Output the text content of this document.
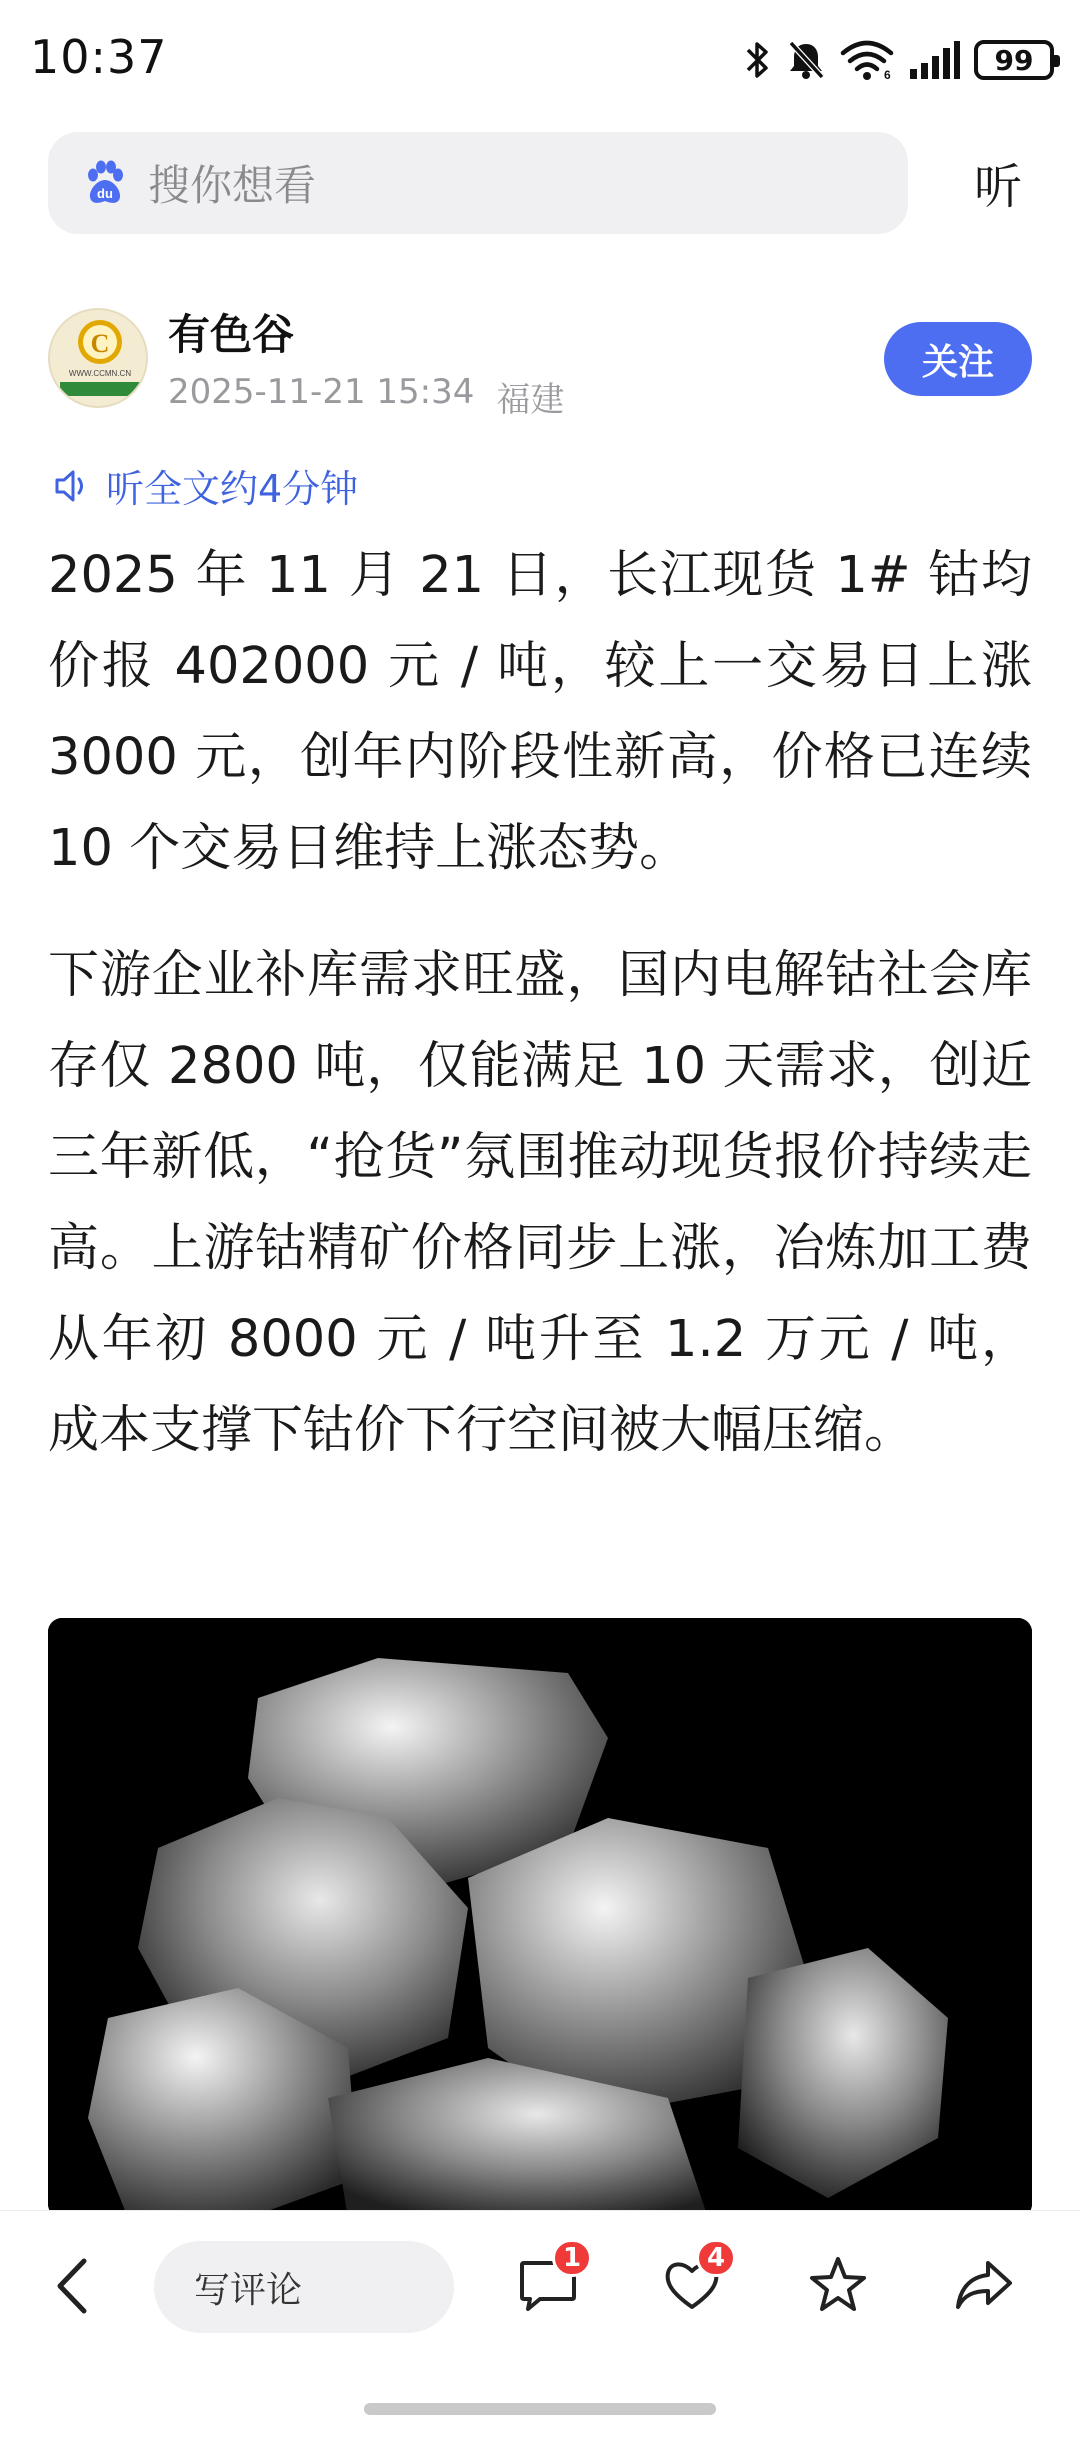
10:37	6	99
du 搜你想看	听
C
WWW.CCMN.CN
有色谷
2025-11-21 15:34 福建
关注
听全文约4分钟

2025 年 11 月 21 日，长江现货 1# 钴均价报 402000 元 / 吨，较上一交易日上涨 3000 元，创年内阶段性新高，价格已连续 10 个交易日维持上涨态势。

下游企业补库需求旺盛，国内电解钴社会库存仅 2800 吨，仅能满足 10 天需求，创近三年新低，“抢货”氛围推动现货报价持续走高。上游钴精矿价格同步上涨，冶炼加工费从年初 8000 元 / 吨升至 1.2 万元 / 吨，成本支撑下钴价下行空间被大幅压缩。

写评论
1	4
